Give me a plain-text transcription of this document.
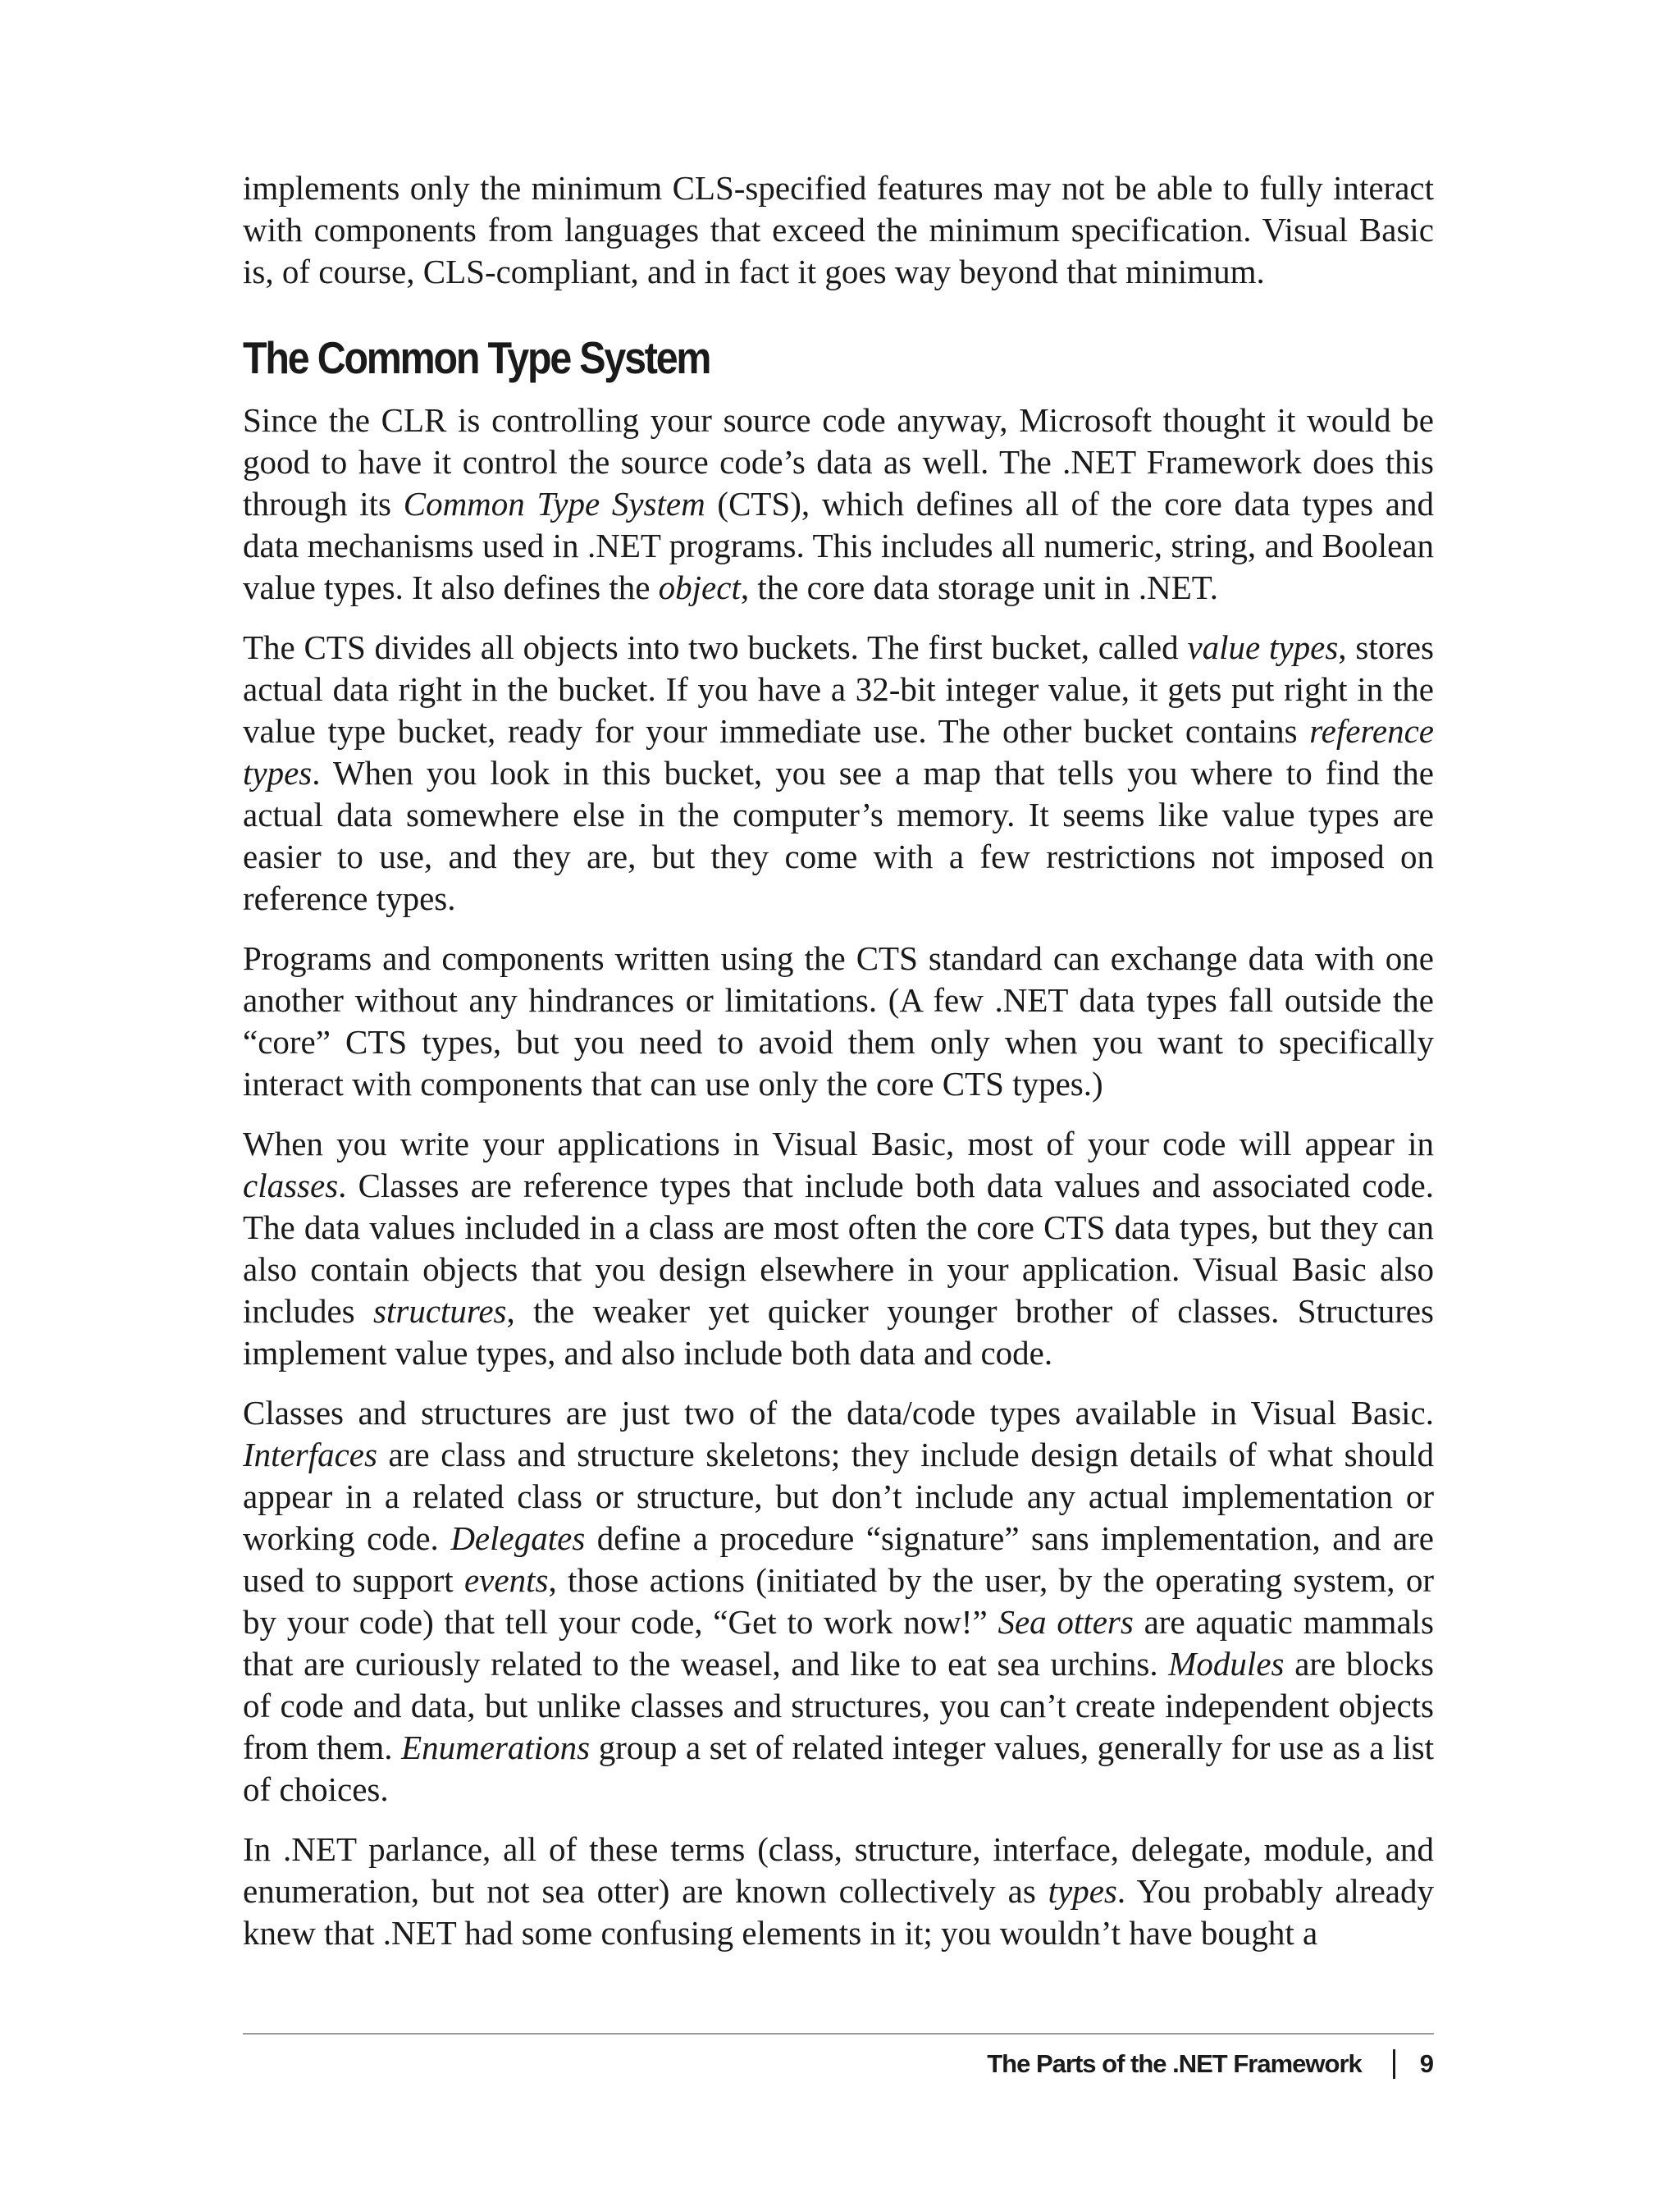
implements only the minimum CLS-specified features may not be able to fully interact with components from languages that exceed the minimum specification. Visual Basic is, of course, CLS-compliant, and in fact it goes way beyond that minimum.

The Common Type System

Since the CLR is controlling your source code anyway, Microsoft thought it would be good to have it control the source code’s data as well. The .NET Framework does this through its Common Type System (CTS), which defines all of the core data types and data mechanisms used in .NET programs. This includes all numeric, string, and Boolean value types. It also defines the object, the core data storage unit in .NET.

The CTS divides all objects into two buckets. The first bucket, called value types, stores actual data right in the bucket. If you have a 32-bit integer value, it gets put right in the value type bucket, ready for your immediate use. The other bucket contains reference types. When you look in this bucket, you see a map that tells you where to find the actual data somewhere else in the computer’s memory. It seems like value types are easier to use, and they are, but they come with a few restrictions not imposed on reference types.

Programs and components written using the CTS standard can exchange data with one another without any hindrances or limitations. (A few .NET data types fall outside the “core” CTS types, but you need to avoid them only when you want to specifically interact with components that can use only the core CTS types.)

When you write your applications in Visual Basic, most of your code will appear in classes. Classes are reference types that include both data values and associated code. The data values included in a class are most often the core CTS data types, but they can also contain objects that you design elsewhere in your application. Visual Basic also includes structures, the weaker yet quicker younger brother of classes. Structures implement value types, and also include both data and code.

Classes and structures are just two of the data/code types available in Visual Basic. Interfaces are class and structure skeletons; they include design details of what should appear in a related class or structure, but don’t include any actual implementation or working code. Delegates define a procedure “signature” sans implementation, and are used to support events, those actions (initiated by the user, by the operating system, or by your code) that tell your code, “Get to work now!” Sea otters are aquatic mammals that are curiously related to the weasel, and like to eat sea urchins. Modules are blocks of code and data, but unlike classes and structures, you can’t create independent objects from them. Enumerations group a set of related integer values, generally for use as a list of choices.

In .NET parlance, all of these terms (class, structure, interface, delegate, module, and enumeration, but not sea otter) are known collectively as types. You probably already knew that .NET had some confusing elements in it; you wouldn’t have bought a

The Parts of the .NET Framework 9
